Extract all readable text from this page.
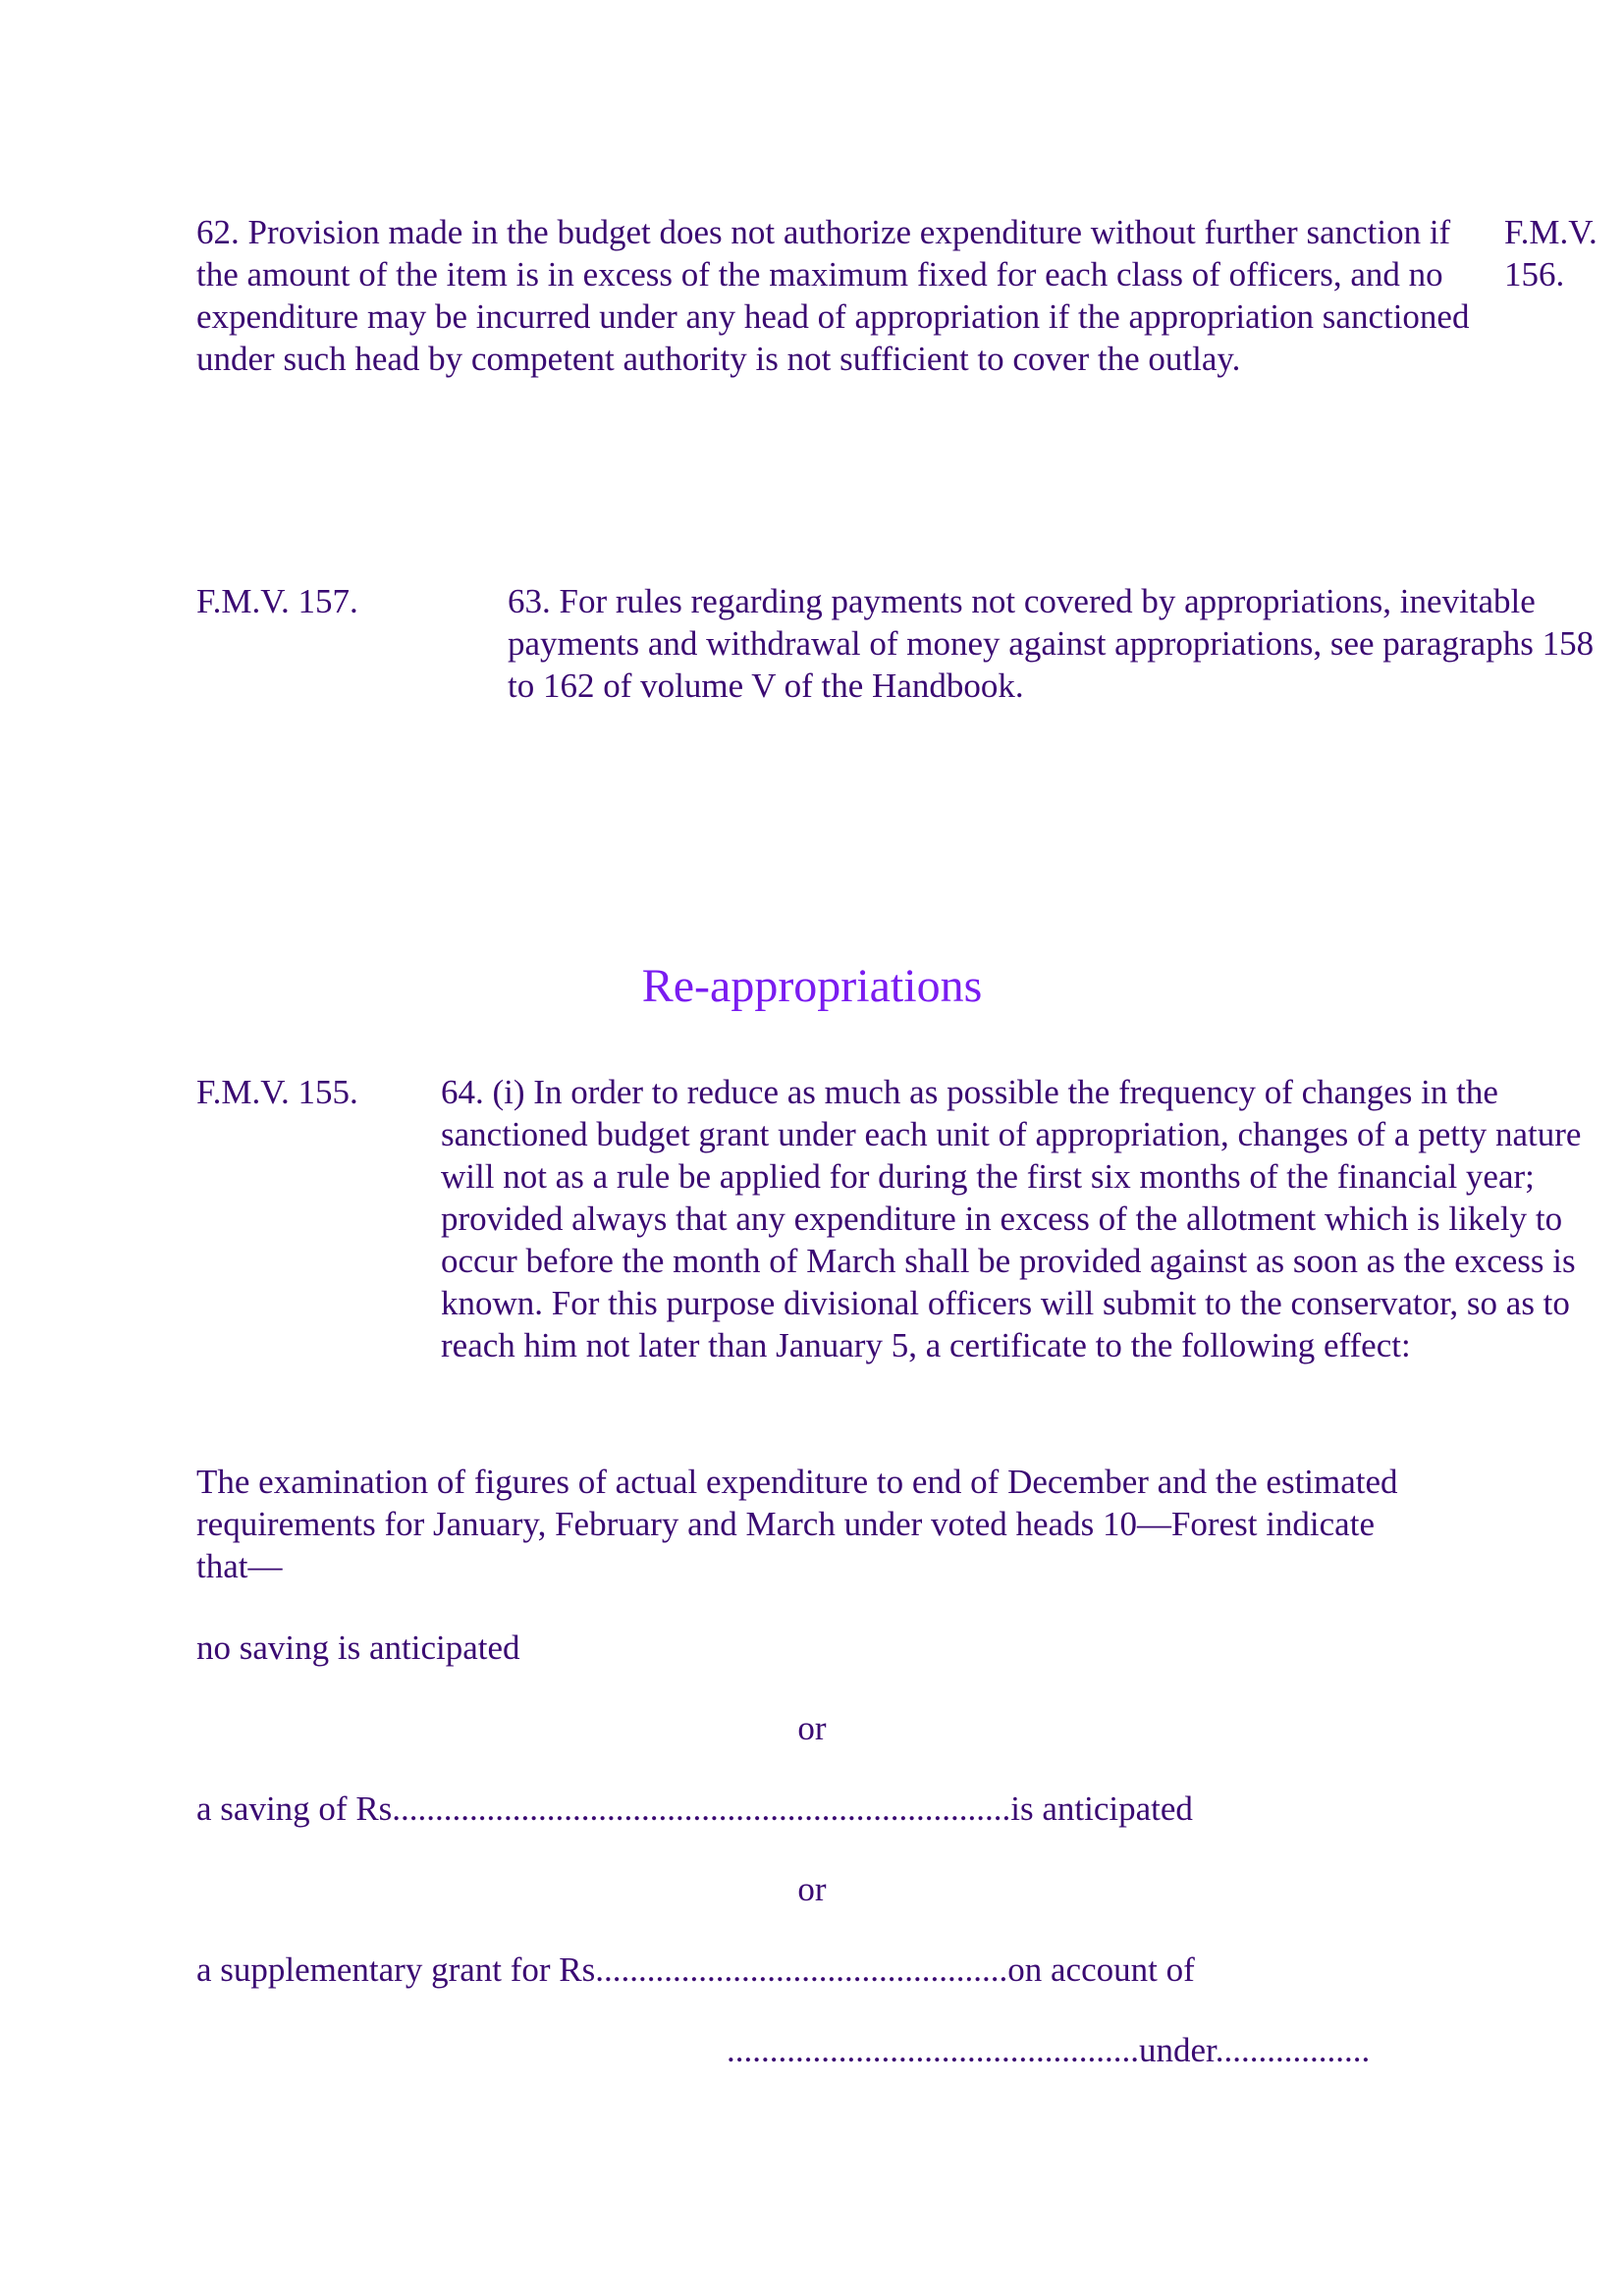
62. Provision made in the budget does not authorize expenditure without further sanction if the amount of the item is in excess of the maximum fixed for each class of officers, and no expenditure may be incurred under any head of appropriation if the appropriation sanctioned under such head by competent authority is not sufficient to cover the outlay.
F.M.V.
156.
F.M.V. 157.	63. For rules regarding payments not covered by appropriations, inevitable payments and withdrawal of money against appropriations, see paragraphs 158 to 162 of volume V of the Handbook.
Re-appropriations
F.M.V. 155. 64. (i) In order to reduce as much as possible the frequency of changes in the sanctioned budget grant under each unit of appropriation, changes of a petty nature will not as a rule be applied for during the first six months of the financial year; provided always that any expenditure in excess of the allotment which is likely to occur before the month of March shall be provided against as soon as the excess is known. For this purpose divisional officers will submit to the conservator, so as to reach him not later than January 5, a certificate to the following effect:
The examination of figures of actual expenditure to end of December and the estimated requirements for January, February and March under voted heads 10—Forest indicate that—
no saving is anticipated
or
a saving of Rs........................................................................is anticipated
or
a supplementary grant for Rs................................................on account of
................................................under..................
